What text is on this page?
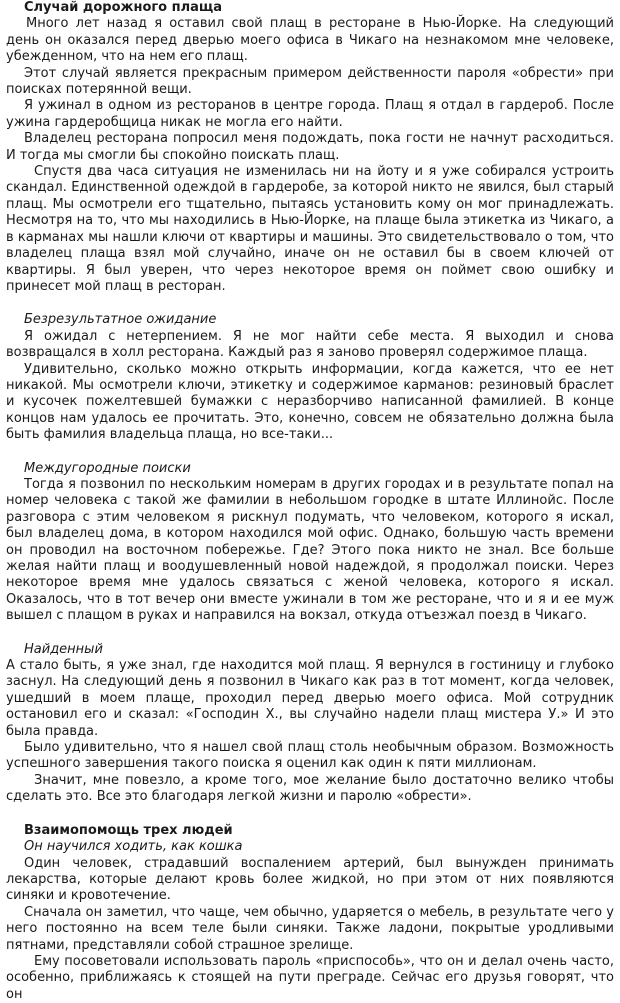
Случай дорожного плаща

Много лет назад я оставил свой плащ в ресторане в Нью-Йорке. На следующий день он оказался перед дверью моего офиса в Чикаго на незнакомом мне человеке, убежденном, что на нем его плащ.

Этот случай является прекрасным примером действенности пароля «обрести» при поисках потерянной вещи.

Я ужинал в одном из ресторанов в центре города. Плащ я отдал в гардероб. После ужина гардеробщица никак не могла его найти.

Владелец ресторана попросил меня подождать, пока гости не начнут расходиться. И тогда мы смогли бы спокойно поискать плащ.

Спустя два часа ситуация не изменилась ни на йоту и я уже собирался устроить скандал. Единственной одеждой в гардеробе, за которой никто не явился, был старый плащ. Мы осмотрели его тщательно, пытаясь установить кому он мог принадлежать. Несмотря на то, что мы находились в Нью-Йорке, на плаще была этикетка из Чикаго, а в карманах мы нашли ключи от квартиры и машины. Это свидетельствовало о том, что владелец плаща взял мой случайно, иначе он не оставил бы в своем ключей от квартиры. Я был уверен, что через некоторое время он поймет свою ошибку и принесет мой плащ в ресторан.

Безрезультатное ожидание

Я ожидал с нетерпением. Я не мог найти себе места. Я выходил и снова возвращался в холл ресторана. Каждый раз я заново проверял содержимое плаща.

Удивительно, сколько можно открыть информации, когда кажется, что ее нет никакой. Мы осмотрели ключи, этикетку и содержимое карманов: резиновый браслет и кусочек пожелтевшей бумажки с неразборчиво написанной фамилией. В конце концов нам удалось ее прочитать. Это, конечно, совсем не обязательно должна была быть фамилия владельца плаща, но все-таки...

Междугородные поиски

Тогда я позвонил по нескольким номерам в других городах и в результате попал на номер человека с такой же фамилии в небольшом городке в штате Иллинойс. После разговора с этим человеком я рискнул подумать, что человеком, которого я искал, был владелец дома, в котором находился мой офис. Однако, большую часть времени он проводил на восточном побережье. Где? Этого пока никто не знал. Все больше желая найти плащ и воодушевленный новой надеждой, я продолжал поиски. Через некоторое время мне удалось связаться с женой человека, которого я искал. Оказалось, что в тот вечер они вместе ужинали в том же ресторане, что и я и ее муж вышел с плащом в руках и направился на вокзал, откуда отъезжал поезд в Чикаго.

Найденный

А стало быть, я уже знал, где находится мой плащ. Я вернулся в гостиницу и глубоко заснул. На следующий день я позвонил в Чикаго как раз в тот момент, когда человек, ушедший в моем плаще, проходил перед дверью моего офиса. Мой сотрудник остановил его и сказал: «Господин Х., вы случайно надели плащ мистера У.» И это была правда.

Было удивительно, что я нашел свой плащ столь необычным образом. Возможность успешного завершения такого поиска я оценил как один к пяти миллионам.

Значит, мне повезло, а кроме того, мое желание было достаточно велико чтобы сделать это. Все это благодаря легкой жизни и паролю «обрести».

Взаимопомощь трех людей
Он научился ходить, как кошка

Один человек, страдавший воспалением артерий, был вынужден принимать лекарства, которые делают кровь более жидкой, но при этом от них появляются синяки и кровотечение.

Сначала он заметил, что чаще, чем обычно, ударяется о мебель, в результате чего у него постоянно на всем теле были синяки. Также ладони, покрытые уродливыми пятнами, представляли собой страшное зрелище.

Ему посоветовали использовать пароль «приспособь», что он и делал очень часто, особенно, приближаясь к стоящей на пути преграде. Сейчас его друзья говорят, что он
